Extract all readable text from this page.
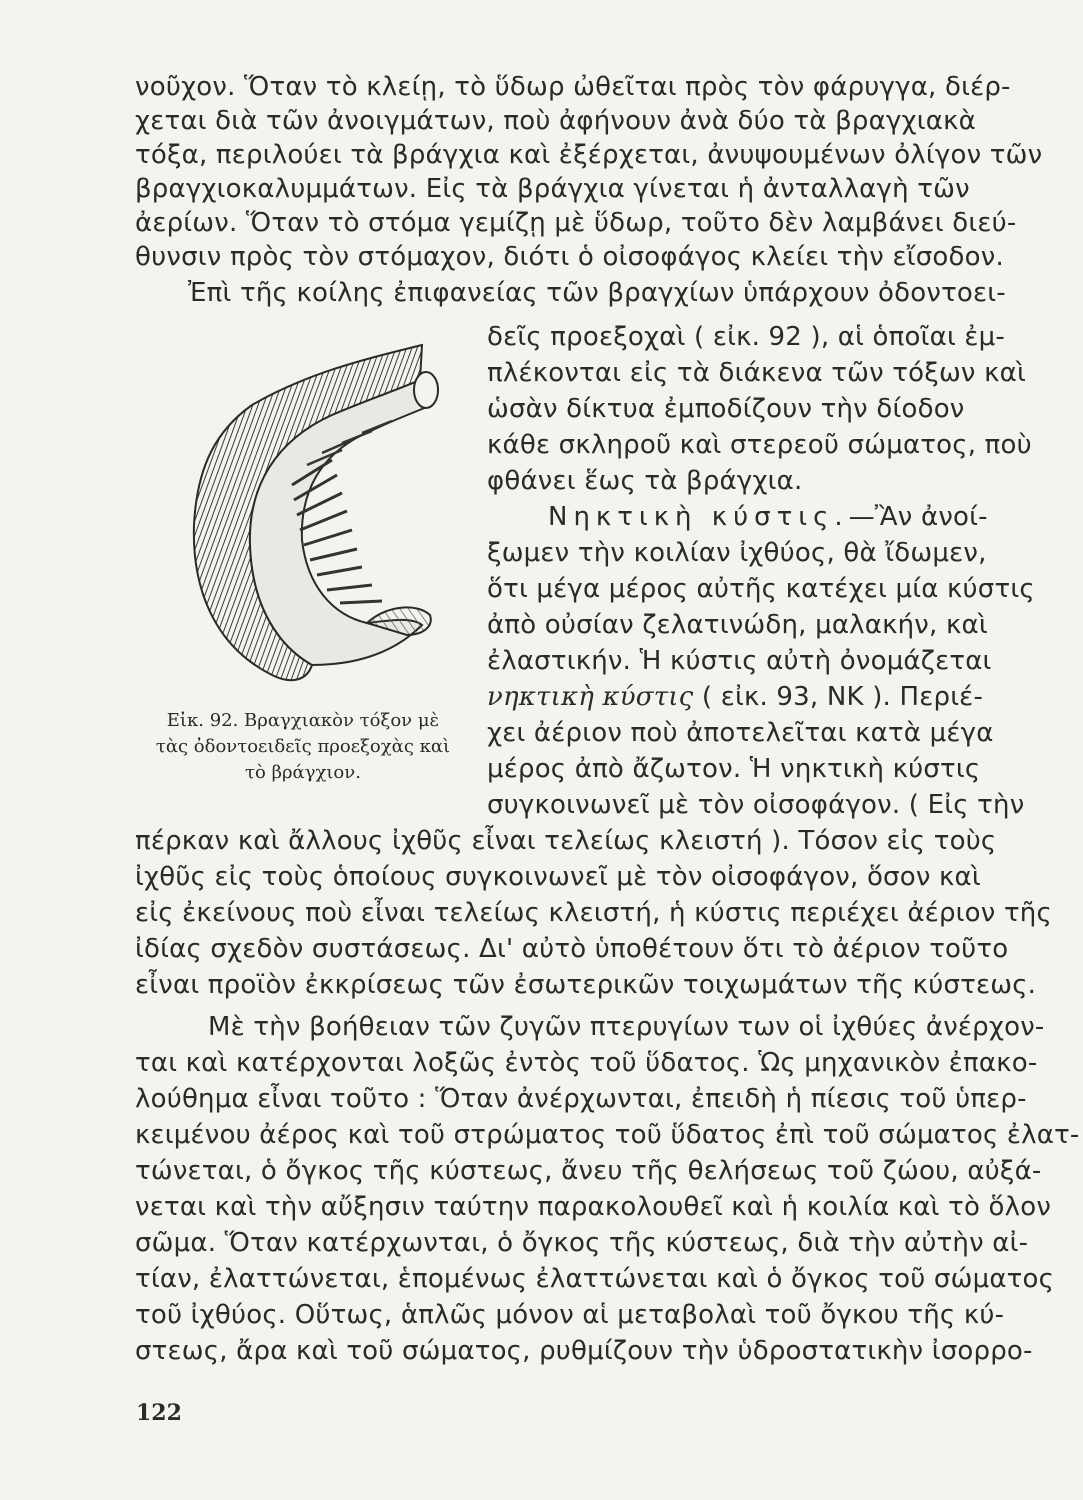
νοῦχον. Ὅταν τὸ κλείῃ, τὸ ὕδωρ ὠθεῖται πρὸς τὸν φάρυγγα, διέρ-
χεται διὰ τῶν ἀνοιγμάτων, ποὺ ἀφήνουν ἀνὰ δύο τὰ βραγχιακὰ
τόξα, περιλούει τὰ βράγχια καὶ ἐξέρχεται, ἀνυψουμένων ὀλίγον τῶν
βραγχιοκαλυμμάτων. Εἰς τὰ βράγχια γίνεται ἡ ἀνταλλαγὴ τῶν
ἀερίων. Ὅταν τὸ στόμα γεμίζῃ μὲ ὕδωρ, τοῦτο δὲν λαμβάνει διεύ-
θυνσιν πρὸς τὸν στόμαχον, διότι ὁ οἰσοφάγος κλείει τὴν εἴσοδον.
Ἐπὶ τῆς κοίλης ἐπιφανείας τῶν βραγχίων ὑπάρχουν ὀδοντοει-
δεῖς προεξοχαὶ ( εἰκ. 92 ), αἱ ὁποῖαι ἐμ-
πλέκονται εἰς τὰ διάκενα τῶν τόξων καὶ
ὡσὰν δίκτυα ἐμποδίζουν τὴν δίοδον
κάθε σκληροῦ καὶ στερεοῦ σώματος, ποὺ
φθάνει ἕως τὰ βράγχια.
Νηκτικὴ κύστις.—Ἂν ἀνοί-
ξωμεν τὴν κοιλίαν ἰχθύος, θὰ ἴδωμεν,
ὅτι μέγα μέρος αὐτῆς κατέχει μία κύστις
ἀπὸ οὐσίαν ζελατινώδη, μαλακήν, καὶ
ἐλαστικήν. Ἡ κύστις αὐτὴ ὀνομάζεται
νηκτικὴ κύστις ( εἰκ. 93, ΝΚ ). Περιέ-
χει ἀέριον ποὺ ἀποτελεῖται κατὰ μέγα
μέρος ἀπὸ ἄζωτον. Ἡ νηκτικὴ κύστις
συγκοινωνεῖ μὲ τὸν οἰσοφάγον. ( Εἰς τὴν
πέρκαν καὶ ἄλλους ἰχθῦς εἶναι τελείως κλειστή ). Τόσον εἰς τοὺς
ἰχθῦς εἰς τοὺς ὁποίους συγκοινωνεῖ μὲ τὸν οἰσοφάγον, ὅσον καὶ
εἰς ἐκείνους ποὺ εἶναι τελείως κλειστή, ἡ κύστις περιέχει ἀέριον τῆς
ἰδίας σχεδὸν συστάσεως. Δι' αὐτὸ ὑποθέτουν ὅτι τὸ ἀέριον τοῦτο
εἶναι προϊὸν ἐκκρίσεως τῶν ἐσωτερικῶν τοιχωμάτων τῆς κύστεως.
Μὲ τὴν βοήθειαν τῶν ζυγῶν πτερυγίων των οἱ ἰχθύες ἀνέρχον-
ται καὶ κατέρχονται λοξῶς ἐντὸς τοῦ ὕδατος. Ὡς μηχανικὸν ἐπακο-
λούθημα εἶναι τοῦτο : Ὅταν ἀνέρχωνται, ἐπειδὴ ἡ πίεσις τοῦ ὑπερ-
κειμένου ἀέρος καὶ τοῦ στρώματος τοῦ ὕδατος ἐπὶ τοῦ σώματος ἐλατ-
τώνεται, ὁ ὄγκος τῆς κύστεως, ἄνευ τῆς θελήσεως τοῦ ζώου, αὐξά-
νεται καὶ τὴν αὔξησιν ταύτην παρακολουθεῖ καὶ ἡ κοιλία καὶ τὸ ὅλον
σῶμα. Ὅταν κατέρχωνται, ὁ ὄγκος τῆς κύστεως, διὰ τὴν αὐτὴν αἰ-
τίαν, ἐλαττώνεται, ἑπομένως ἐλαττώνεται καὶ ὁ ὄγκος τοῦ σώματος
τοῦ ἰχθύος. Οὕτως, ἁπλῶς μόνον αἱ μεταβολαὶ τοῦ ὄγκου τῆς κύ-
στεως, ἄρα καὶ τοῦ σώματος, ρυθμίζουν τὴν ὑδροστατικὴν ἰσορρο-
Εἰκ. 92. Βραγχιακὸν τόξον μὲ
τὰς ὀδοντοειδεῖς προεξοχὰς καὶ
τὸ βράγχιον.
122
